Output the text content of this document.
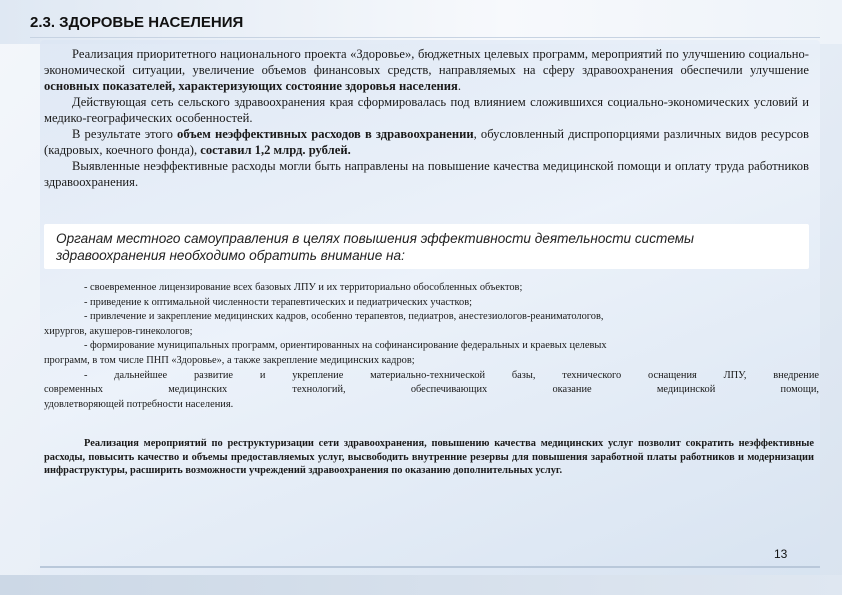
2.3. ЗДОРОВЬЕ НАСЕЛЕНИЯ

Реализация приоритетного национального проекта «Здоровье», бюджетных целевых программ, мероприятий по улучшению социально-экономической ситуации, увеличение объемов финансовых средств, направляемых на сферу здравоохранения обеспечили улучшение основных показателей, характеризующих состояние здоровья населения.

Действующая сеть сельского здравоохранения края сформировалась под влиянием сложившихся социально-экономических условий и медико-географических особенностей.

В результате этого объем неэффективных расходов в здравоохранении, обусловленный диспропорциями различных видов ресурсов (кадровых, коечного фонда), составил 1,2 млрд. рублей.

Выявленные неэффективные расходы могли быть направлены на повышение качества медицинской помощи и оплату труда работников здравоохранения.

Органам местного самоуправления в целях повышения эффективности деятельности системы здравоохранения необходимо обратить внимание на:

- своевременное лицензирование всех базовых ЛПУ и их территориально обособленных объектов;

- приведение к оптимальной численности терапевтических и педиатрических участков;

- привлечение и закрепление медицинских кадров, особенно терапевтов, педиатров, анестезиологов-реаниматологов,

хирургов, акушеров-гинекологов;

- формирование муниципальных программ, ориентированных на софинансирование федеральных и краевых целевых

программ, в том числе ПНП «Здоровье», а также закрепление медицинских кадров;

- дальнейшее развитие и укрепление материально-технической базы, технического оснащения ЛПУ, внедрение

современных медицинских технологий, обеспечивающих оказание медицинской помощи,

удовлетворяющей потребности населения.

Реализация мероприятий по реструктуризации сети здравоохранения, повышению качества медицинских услуг позволит сократить неэффективные расходы, повысить качество и объемы предоставляемых услуг, высвободить внутренние резервы для повышения заработной платы работников и модернизации инфраструктуры, расширить возможности учреждений здравоохранения по оказанию дополнительных услуг.

13
